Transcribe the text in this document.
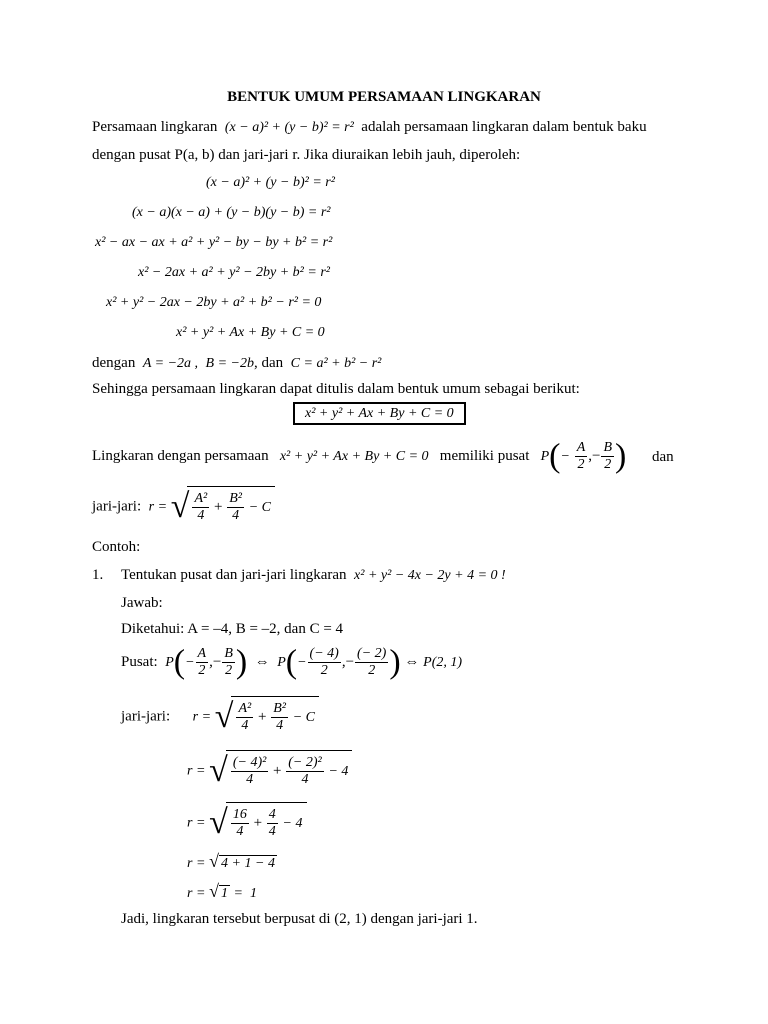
BENTUK UMUM PERSAMAAN LINGKARAN
Persamaan lingkaran (x − a)² + (y − b)² = r² adalah persamaan lingkaran dalam bentuk baku
dengan pusat P(a, b) dan jari-jari r. Jika diuraikan lebih jauh, diperoleh:
(x − a)² + (y − b)² = r²
(x − a)(x − a) + (y − b)(y − b) = r²
x² − ax − ax + a² + y² − by − by + b² = r²
x² − 2ax + a² + y² − 2by + b² = r²
x² + y² − 2ax − 2by + a² + b² − r² = 0
x² + y² + Ax + By + C = 0
dengan A = −2a , B = −2b, dan C = a² + b² − r²
Sehingga persamaan lingkaran dapat ditulis dalam bentuk umum sebagai berikut:
x² + y² + Ax + By + C = 0
Lingkaran dengan persamaan x² + y² + Ax + By + C = 0 memiliki pusat $P(- \frac{A}{2}$ ,− $\frac{B}{2}$ ) dan
jari-jari: r = √ $\frac{\text{A²}}{4} + \frac{\text{B²}}{4} - C$
Contoh:
1. Tentukan pusat dan jari-jari lingkaran x² + y² − 4x − 2y + 4 = 0 !
Jawab:
Diketahui: A = –4, B = –2, dan C = 4
Pusat: $P(- \frac{A}{2}$ ,− $\frac{B}{2}$ ) ⇔ $P(- \frac{(- 4)}{2}$ ,− $\frac{(- 2)}{2}$ ) ⇔ P(2, 1)
jari-jari: r = √ $\frac{\text{A²}}{4} + \frac{\text{B²}}{4} - C$
r = √ $\frac{\text{(− 4)²}}{4} + \frac{\text{(− 2)²}}{4} - 4$
r = √ $\frac{16}{4} + \frac{4}{4} - 4$
r = √ 4 + 1 − 4
r = √ 1 =  1
Jadi, lingkaran tersebut berpusat di (2, 1) dengan jari-jari 1.
